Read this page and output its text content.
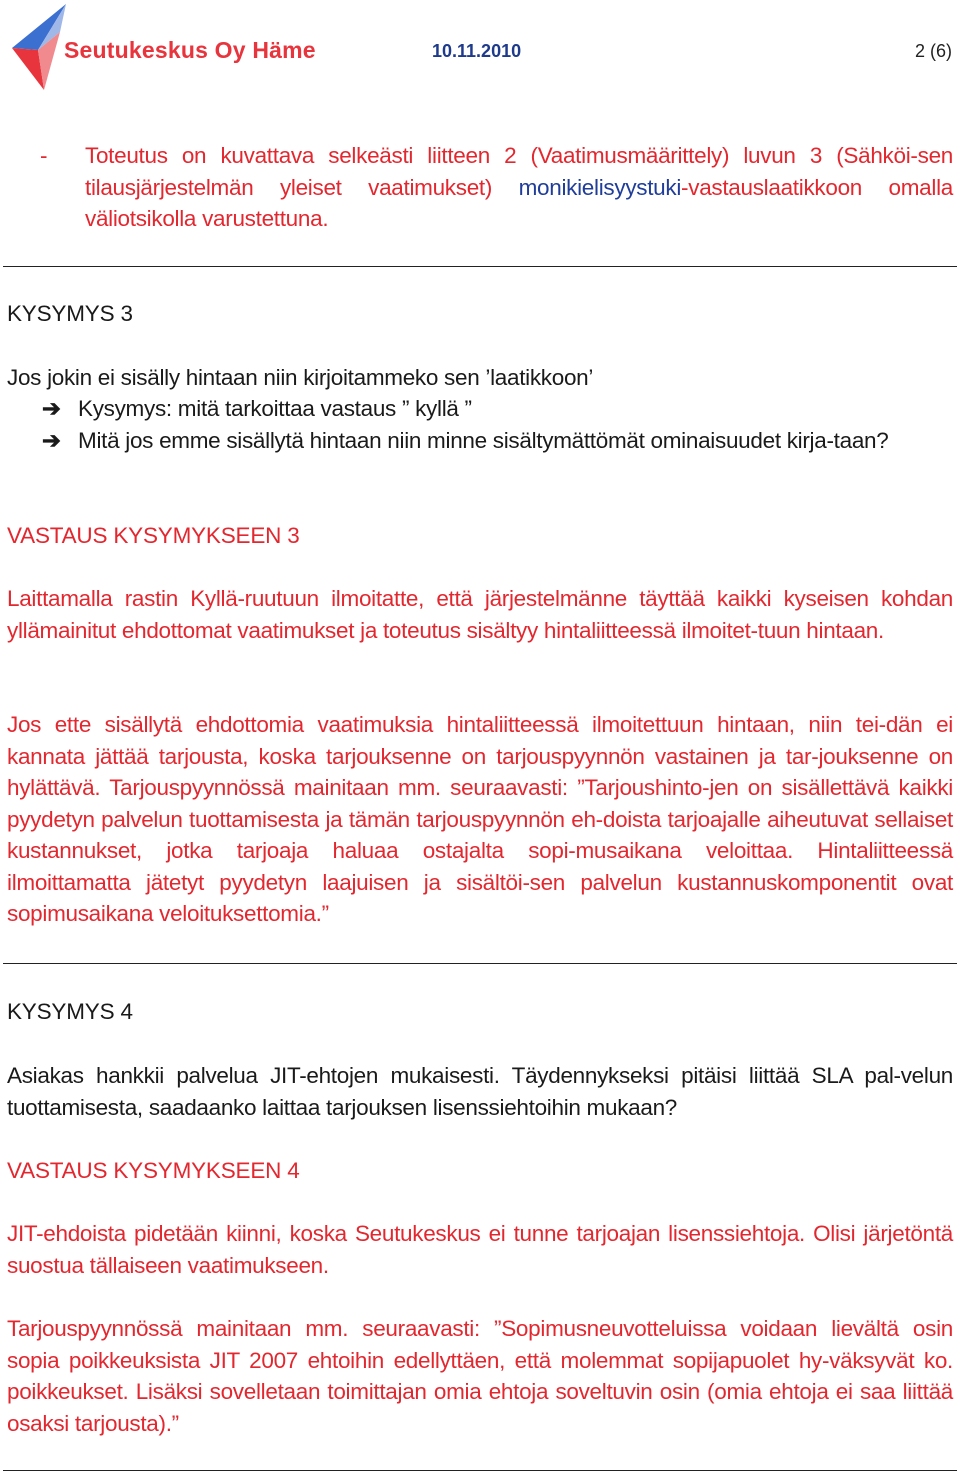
Seutukeskus Oy Häme	10.11.2010	2 (6)
- Toteutus on kuvattava selkeästi liitteen 2 (Vaatimusmäärittely) luvun 3 (Sähköi-sen tilausjärjestelmän yleiset vaatimukset) monikielisyystuki-vastauslaatikkoon omalla väliotsikolla varustettuna.
KYSYMYS 3
Jos jokin ei sisälly hintaan niin kirjoitammeko sen ’laatikkoon’
➔ Kysymys: mitä tarkoittaa vastaus ” kyllä ”
➔ Mitä jos emme sisällytä hintaan niin minne sisältymättömät ominaisuudet kirja-taan?
VASTAUS KYSYMYKSEEN 3
Laittamalla rastin Kyllä-ruutuun ilmoitatte, että järjestelmänne täyttää kaikki kyseisen kohdan yllämainitut ehdottomat vaatimukset ja toteutus sisältyy hintaliitteessä ilmoitet-tuun hintaan.
Jos ette sisällytä ehdottomia vaatimuksia hintaliitteessä ilmoitettuun hintaan, niin tei-dän ei kannata jättää tarjousta, koska tarjouksenne on tarjouspyynnön vastainen ja tar-jouksenne on hylättävä. Tarjouspyynnössä mainitaan mm. seuraavasti: ”Tarjoushinto-jen on sisällettävä kaikki pyydetyn palvelun tuottamisesta ja tämän tarjouspyynnön eh-doista tarjoajalle aiheutuvat sellaiset kustannukset, jotka tarjoaja haluaa ostajalta sopi-musaikana veloittaa. Hintaliitteessä ilmoittamatta jätetyt pyydetyn laajuisen ja sisältöi-sen palvelun kustannuskomponentit ovat sopimusaikana veloituksettomia.”
KYSYMYS 4
Asiakas hankkii palvelua JIT-ehtojen mukaisesti. Täydennykseksi pitäisi liittää SLA pal-velun tuottamisesta, saadaanko laittaa tarjouksen lisenssiehtoihin mukaan?
VASTAUS KYSYMYKSEEN 4
JIT-ehdoista pidetään kiinni, koska Seutukeskus ei tunne tarjoajan lisenssiehtoja. Olisi järjetöntä suostua tällaiseen vaatimukseen.
Tarjouspyynnössä mainitaan mm. seuraavasti: ”Sopimusneuvotteluissa voidaan lievältä osin sopia poikkeuksista JIT 2007 ehtoihin edellyttäen, että molemmat sopijapuolet hy-väksyvät ko. poikkeukset. Lisäksi sovelletaan toimittajan omia ehtoja soveltuvin osin (omia ehtoja ei saa liittää osaksi tarjousta).”
